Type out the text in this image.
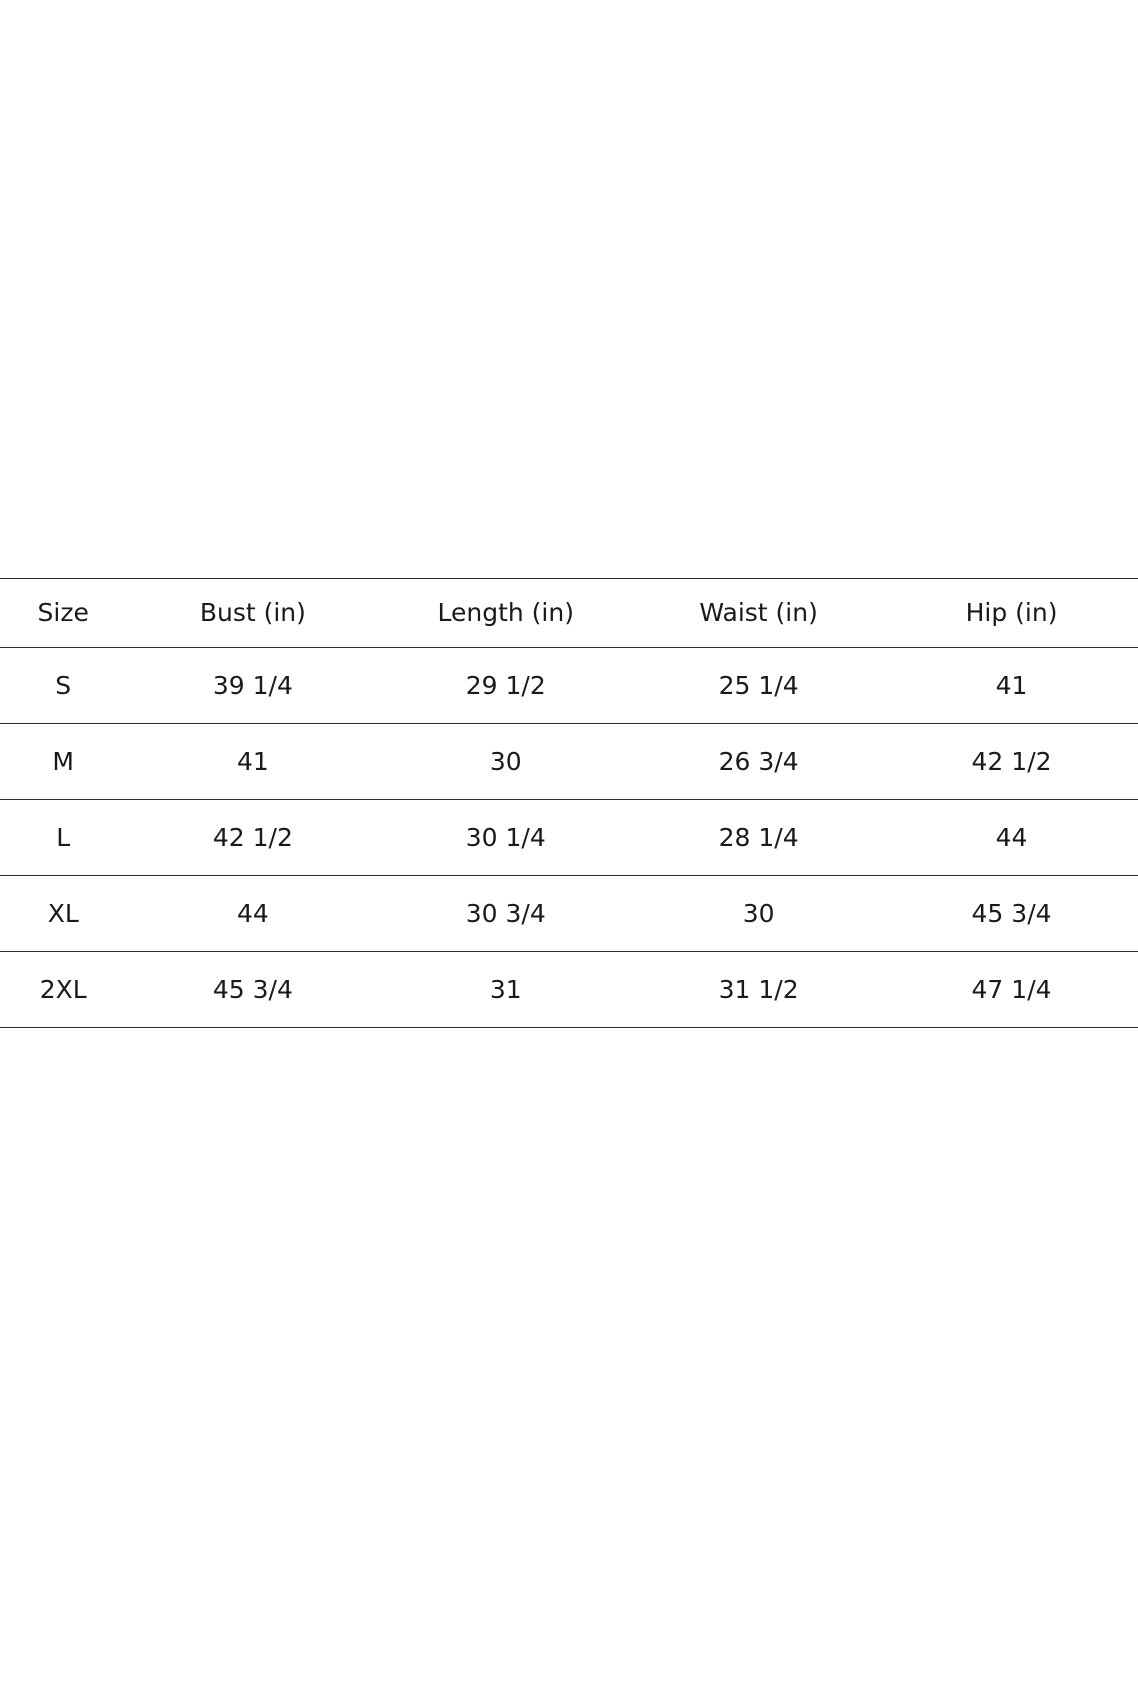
Size	Bust (in)	Length (in)	Waist (in)	Hip (in)
S	39 1/4	29 1/2	25 1/4	41
M	41	30	26 3/4	42 1/2
L	42 1/2	30 1/4	28 1/4	44
XL	44	30 3/4	30	45 3/4
2XL	45 3/4	31	31 1/2	47 1/4
